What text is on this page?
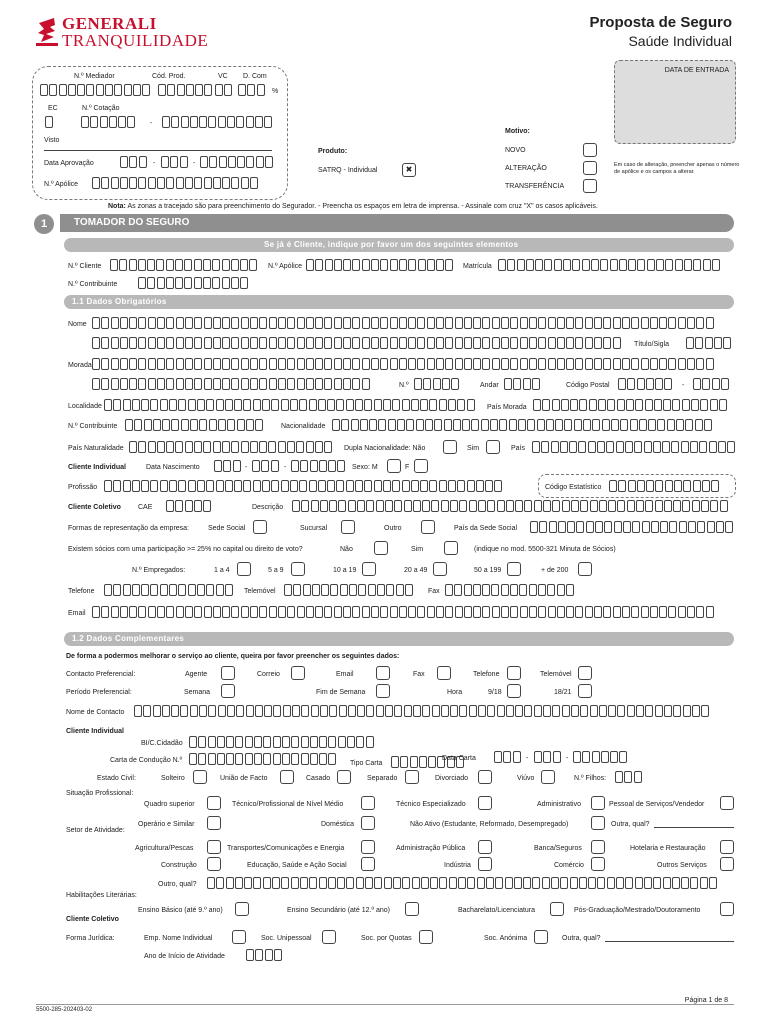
GENERALI
TRANQUILIDADE
Proposta de Seguro
Saúde Individual
DATA DE ENTRADA
N.º Mediador	Cód. Prod.	VC D. Com
%
EC	N.º Cotação
-
Visto
Data Aprovação	-	-
N.º Apólice
Produto:
SATRQ - Individual	✖
Motivo:
NOVO
ALTERAÇÃO
TRANSFERÊNCIA
Em caso de alteração, preencher apenas o número de apólice e os campos a alterar.
Nota: As zonas a tracejado são para preenchimento do Segurador. - Preencha os espaços em letra de imprensa. - Assinale com cruz "X" os casos aplicáveis.
1	TOMADOR DO SEGURO
Se já é Cliente, indique por favor um dos seguintes elementos
N.º Cliente	N.º Apólice	Matrícula
N.º Contribuinte
1.1 Dados Obrigatórios
Nome
Título/Sigla
Morada
N.º	Andar	Código Postal	-
Localidade	País Morada
N.º Contribuinte	Nacionalidade
País Naturalidade	Dupla Nacionalidade: Não	Sim	País
Cliente Individual	Data Nascimento	-	-	Sexo: M	F
Profissão	Código Estatístico
Cliente Coletivo CAE	Descrição
Formas de representação da empresa:	Sede Social	Sucursal	Outro	País da Sede Social
Existem sócios com uma participação >= 25% no capital ou direito de voto?	Não	Sim	(indique no mod. 5500-321 Minuta de Sócios)
N.º Empregados:	1 a 4	5 a 9	10 a 19	20 a 49	50 a 199	+ de 200
Telefone	Telemóvel	Fax
Email
1.2 Dados Complementares
De forma a podermos melhorar o serviço ao cliente, queira por favor preencher os seguintes dados:
Contacto Preferencial:	Agente	Correio	Email	Fax	Telefone	Telemóvel
Período Preferencial:	Semana	Fim de Semana	Hora	9/18	18/21
Nome de Contacto
Cliente Individual
BI/C.Cidadão
Carta de Condução N.º	Tipo Carta
Data Carta	-	-
Estado Civil:	Solteiro	União de Facto	Casado	Separado	Divorciado	Viúvo	N.º Filhos:
Situação Profissional:
Quadro superior	Técnico/Profissional de Nível Médio	Técnico Especializado	Administrativo	Pessoal de Serviços/Vendedor
Operário e Similar	Doméstica	Não Ativo (Estudante, Reformado, Desempregado)	Outra, qual?
Setor de Atividade:
Agricultura/Pescas	Transportes/Comunicações e Energia	Administração Pública	Banca/Seguros	Hotelaria e Restauração
Construção	Educação, Saúde e Ação Social	Indústria	Comércio	Outros Serviços
Outro, qual?
Habilitações Literárias:
Ensino Básico (até 9.º ano)	Ensino Secundário (até 12.º ano)	Bacharelato/Licenciatura	Pós-Graduação/Mestrado/Doutoramento
Cliente Coletivo
Forma Jurídica:	Emp. Nome Individual	Soc. Unipessoal	Soc. por Quotas	Soc. Anónima	Outra, qual?
Ano de Início de Atividade
5500-285-202403-02
Página 1 de 8
